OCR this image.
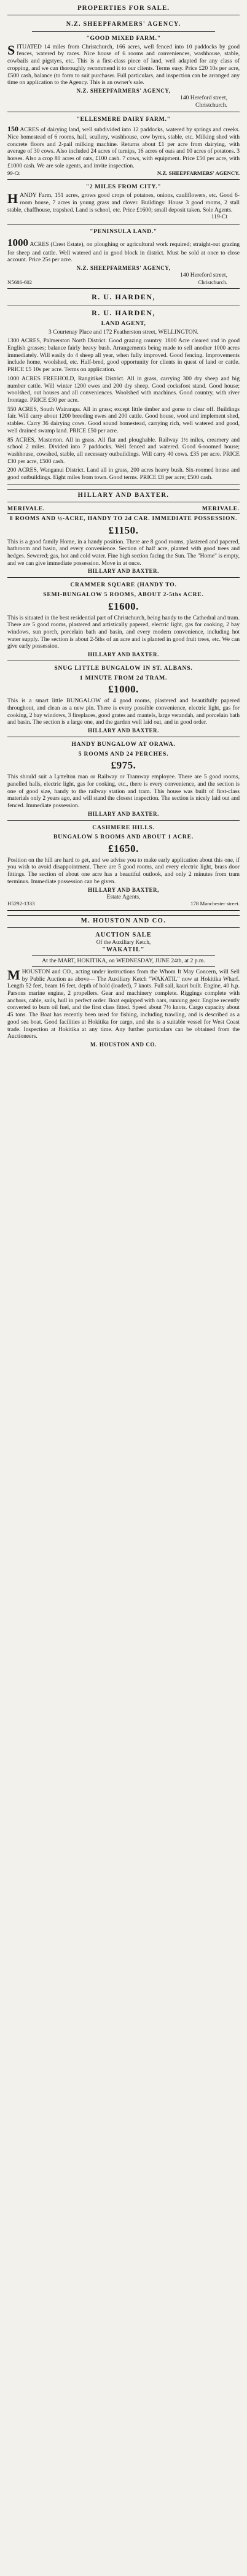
PROPERTIES FOR SALE.
N.Z. SHEEPFARMERS' AGENCY.
"GOOD MIXED FARM."
SITUATED 14 miles from Christchurch, 166 acres, well fenced into 10 paddocks by good fences, watered by races. Nice house of 6 rooms and conveniences, washhouse, stable, cowbails and pigstyes, etc. This is a first-class piece of land, well adapted for any class of cropping, and we can thoroughly recommend it to our clients. Terms easy. Price £20 10s per acre, £500 cash, balance (to form to suit purchaser. Full particulars, and inspection can be arranged any time on application to the Agency. This is an owner's sale.
N.Z. SHEEPFARMERS' AGENCY,
140 Hereford street,
Christchurch.
"ELLESMERE DAIRY FARM."
150 ACRES of dairying land, well subdivided into 12 paddocks, watered by springs and creeks. Nice homestead of 6 rooms, hall, scullery, washhouse, cow byres, stable, etc. Milking shed with concrete floors and 2-pail milking machine. Returns about £1 per acre from dairying, with average of 30 cows. Also included 24 acres of turnips, 16 acres of oats and 10 acres of potatoes. 3 horses. Also a crop 80 acres of oats, £100 cash. 7 cows, with equipment. Price £50 per acre, with £1000 cash. We are sole agents, and invite inspection.
99-Ct	N.Z. SHEEPFARMERS' AGENCY.
"2 MILES FROM CITY."
HANDY Farm, 151 acres, grows good crops of potatoes, onions, cauliflowers, etc. Good 6-room house, 7 acres in young grass and clover. Buildings: House 3 good rooms, 2 stall stable, chaffhouse, trapshed. Land is school, etc. Price £1600; small deposit taken. Sole Agents.
119-Ct
"PENINSULA LAND."
1000 ACRES (Crest Estate), on ploughing or agricultural work required; straight-out grazing for sheep and cattle. Well watered and in good block in district. Must be sold at once to close account. Price 25s per acre.
N.Z. SHEEPFARMERS' AGENCY,
140 Hereford street,
N5686-602	Christchurch.
R. U. HARDEN,
R. U. HARDEN,
LAND AGENT,
3 Courtenay Place and 172 Featherston street, WELLINGTON.
1300 ACRES, Palmerston North District. Good grazing country. 1800 Acre cleared and in good English grasses; balance fairly heavy bush. Arrangements being made to sell another 1000 acres immediately. Will easily do 4 sheep all year, when fully improved. Good fencing. Improvements include home, woolshed, etc. Half-bred, good opportunity for clients in quest of land or cattle. PRICE £5 10s per acre. Terms on application.
1000 ACRES FREEHOLD, Rangitikei District. All in grass, carrying 300 dry sheep and big number cattle. Will winter 1200 ewes and 200 dry sheep. Good cocksfoot stand. Good house; woolshed, out houses and all conveniences. Woolshed with machines. Good country, with river frontage. PRICE £30 per acre.
550 ACRES, South Wairarapa. All in grass; except little timber and gorse to clear off. Buildings fair. Will carry about 1200 breeding ewes and 200 cattle. Good house, wool and implement shed, stables. Carry 36 dairying cows. Good sound homestead, carrying rich, well watered and good, well drained swamp land. PRICE £50 per acre.
85 ACRES, Masterton. All in grass. All flat and ploughable. Railway 1½ miles, creamery and school 2 miles. Divided into 7 paddocks. Well fenced and watered. Good 6-roomed house; washhouse, cowshed, stable, all necessary outbuildings. Will carry 40 cows. £35 per acre. PRICE £30 per acre, £500 cash.
200 ACRES, Wanganui District. Land all in grass, 200 acres heavy bush. Six-roomed house and good outbuildings. Eight miles from town. Good terms. PRICE £8 per acre; £500 cash.
HILLARY AND BAXTER.
MERIVALE.	MERIVALE.
8 ROOMS AND ½-ACRE, HANDY TO 2d CAR. IMMEDIATE POSSESSION.
£1150.
This is a good family Home, in a handy position. There are 8 good rooms, plastered and papered, bathroom and basin, and every convenience. Section of half acre, planted with good trees and hedges. Sewered; gas, hot and cold water. Fine high section facing the Sun. The "Home" is empty, and we can give immediate possession. Move in at once.
HILLARY AND BAXTER.
CRAMMER SQUARE (HANDY TO.
SEMI-BUNGALOW 5 ROOMS, ABOUT 2-5ths ACRE.
£1600.
This is situated in the best residential part of Christchurch, being handy to the Cathedral and tram. There are 5 good rooms, plastered and artistically papered, electric light, gas for cooking, 2 bay windows, sun porch, porcelain bath and basin, and every modern convenience, including hot water supply. The section is about 2-5ths of an acre and is planted in good fruit trees, etc. We can give early possession.
HILLARY AND BAXTER.
SNUG LITTLE BUNGALOW IN ST. ALBANS.
1 MINUTE FROM 2d TRAM.
£1000.
This is a smart little BUNGALOW of 4 good rooms, plastered and beautifully papered throughout, and clean as a new pin. There is every possible convenience, electric light, gas for cooking, 2 bay windows, 3 fireplaces, good grates and mantels, large verandah, and porcelain bath and basin. The section is a large one, and the garden well laid out, and in good order.
HILLARY AND BAXTER.
HANDY BUNGALOW AT ORAWA.
5 ROOMS AND 24 PERCHES.
£975.
This should suit a Lyttelton man or Railway or Tramway employee. There are 5 good rooms, panelled halls, electric light, gas for cooking, etc., there is every convenience, and the section is one of good size, handy to the railway station and tram. This house was built of first-class materials only 2 years ago, and will stand the closest inspection. The section is nicely laid out and fenced. Immediate possession.
HILLARY AND BAXTER.
CASHMERE HILLS.
BUNGALOW 5 ROOMS AND ABOUT 1 ACRE.
£1650.
Position on the hill are hard to get, and we advise you to make early application about this one, if you wish to avoid disappointment. There are 5 good rooms, and every electric light, brass door fittings. The section of about one acre has a beautiful outlook, and only 2 minutes from tram terminus. Immediate possession can be given.
HILLARY AND BAXTER,
Estate Agents,
H5292-1333	178 Manchester street.
M. HOUSTON AND CO.
AUCTION SALE
Of the Auxiliary Ketch,
"WAKATIL"
At the MART, HOKITIKA, on WEDNESDAY, JUNE 24th, at 2 p.m.
MHOUSTON and CO., acting under instructions from the Whom It May Concern, will Sell by Public Auction as above— The Auxiliary Ketch "WAKATIL" now at Hokitika Wharf. Length 52 feet, beam 16 feet, depth of hold (loaded), 7 knots. Full sail, kauri built. Engine, 40 h.p. Parsons marine engine, 2 propellers. Gear and machinery complete. Riggings complete with anchors, cable, sails, hull in perfect order. Boat equipped with oars, running gear. Engine recently converted to burn oil fuel, and the first class fitted. Speed about 7½ knots. Cargo capacity about 45 tons. The Boat has recently been used for fishing, including trawling, and is described as a good sea boat. Good facilities at Hokitika for cargo, and she is a suitable vessel for West Coast trade. Inspection at Hokitika at any time. Any further particulars can be obtained from the Auctioneers.
M. HOUSTON AND CO.
